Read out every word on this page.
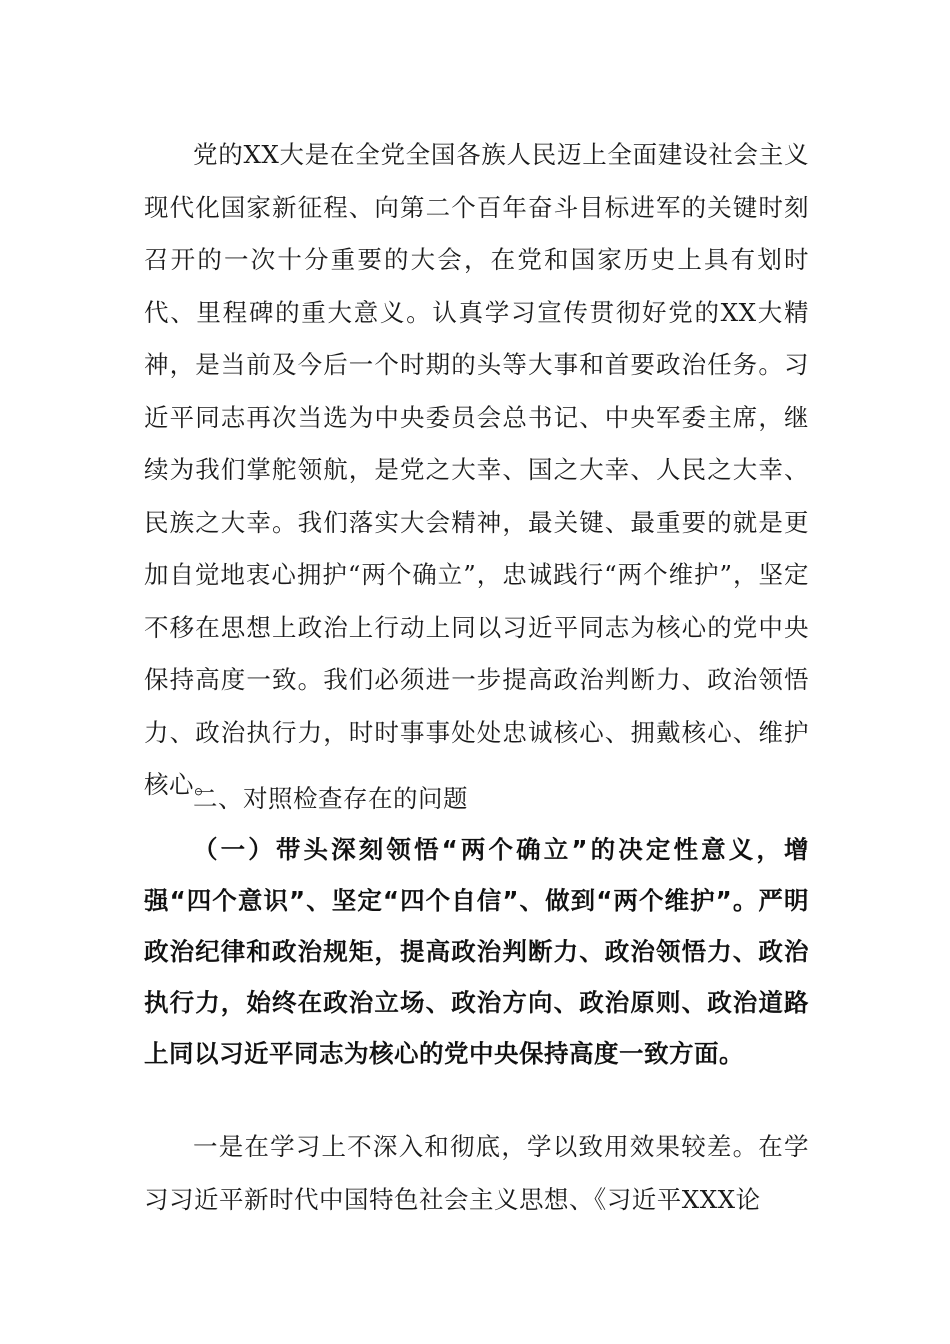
党的XX大是在全党全国各族人民迈上全面建设社会主义现代化国家新征程、向第二个百年奋斗目标进军的关键时刻召开的一次十分重要的大会，在党和国家历史上具有划时代、里程碑的重大意义。认真学习宣传贯彻好党的XX大精神，是当前及今后一个时期的头等大事和首要政治任务。习近平同志再次当选为中央委员会总书记、中央军委主席，继续为我们掌舵领航，是党之大幸、国之大幸、人民之大幸、民族之大幸。我们落实大会精神，最关键、最重要的就是更加自觉地衷心拥护“两个确立”，忠诚践行“两个维护”，坚定不移在思想上政治上行动上同以习近平同志为核心的党中央保持高度一致。我们必须进一步提高政治判断力、政治领悟力、政治执行力，时时事事处处忠诚核心、拥戴核心、维护核心。

二、对照检查存在的问题

（一）带头深刻领悟“两个确立”的决定性意义，增强“四个意识”、坚定“四个自信”、做到“两个维护”。严明政治纪律和政治规矩，提高政治判断力、政治领悟力、政治执行力，始终在政治立场、政治方向、政治原则、政治道路上同以习近平同志为核心的党中央保持高度一致方面。

一是在学习上不深入和彻底，学以致用效果较差。在学习习近平新时代中国特色社会主义思想、《习近平XXX论
